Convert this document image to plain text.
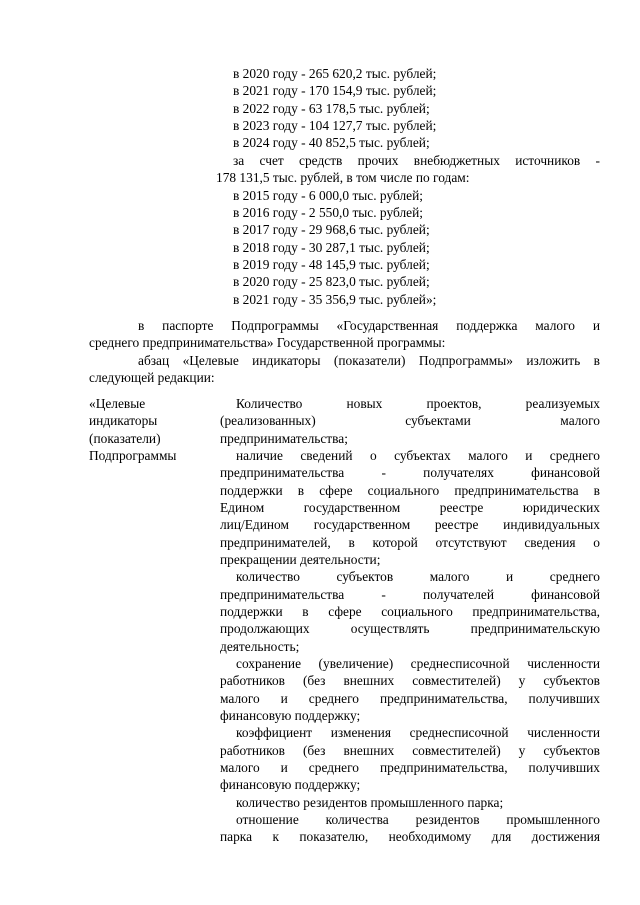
в 2020 году - 265 620,2 тыс. рублей;
в 2021 году - 170 154,9 тыс. рублей;
в 2022 году - 63 178,5 тыс. рублей;
в 2023 году - 104 127,7 тыс. рублей;
в 2024 году - 40 852,5 тыс. рублей;
за счет средств прочих внебюджетных источников -
178 131,5 тыс. рублей, в том числе по годам:
в 2015 году - 6 000,0 тыс. рублей;
в 2016 году - 2 550,0 тыс. рублей;
в 2017 году - 29 968,6 тыс. рублей;
в 2018 году - 30 287,1 тыс. рублей;
в 2019 году - 48 145,9 тыс. рублей;
в 2020 году - 25 823,0 тыс. рублей;
в 2021 году - 35 356,9 тыс. рублей»;
в паспорте Подпрограммы «Государственная поддержка малого и
среднего предпринимательства» Государственной программы:
абзац «Целевые индикаторы (показатели) Подпрограммы» изложить в
следующей редакции:
«Целевые
индикаторы
(показатели)
Подпрограммы
Количество новых проектов, реализуемых
(реализованных) субъектами малого
предпринимательства;
наличие сведений о субъектах малого и среднего
предпринимательства - получателях финансовой
поддержки в сфере социального предпринимательства в
Едином государственном реестре юридических
лиц/Едином государственном реестре индивидуальных
предпринимателей, в которой отсутствуют сведения о
прекращении деятельности;
количество субъектов малого и среднего
предпринимательства - получателей финансовой
поддержки в сфере социального предпринимательства,
продолжающих осуществлять предпринимательскую
деятельность;
сохранение (увеличение) среднесписочной численности
работников (без внешних совместителей) у субъектов
малого и среднего предпринимательства, получивших
финансовую поддержку;
коэффициент изменения среднесписочной численности
работников (без внешних совместителей) у субъектов
малого и среднего предпринимательства, получивших
финансовую поддержку;
количество резидентов промышленного парка;
отношение количества резидентов промышленного
парка к показателю, необходимому для достижения
